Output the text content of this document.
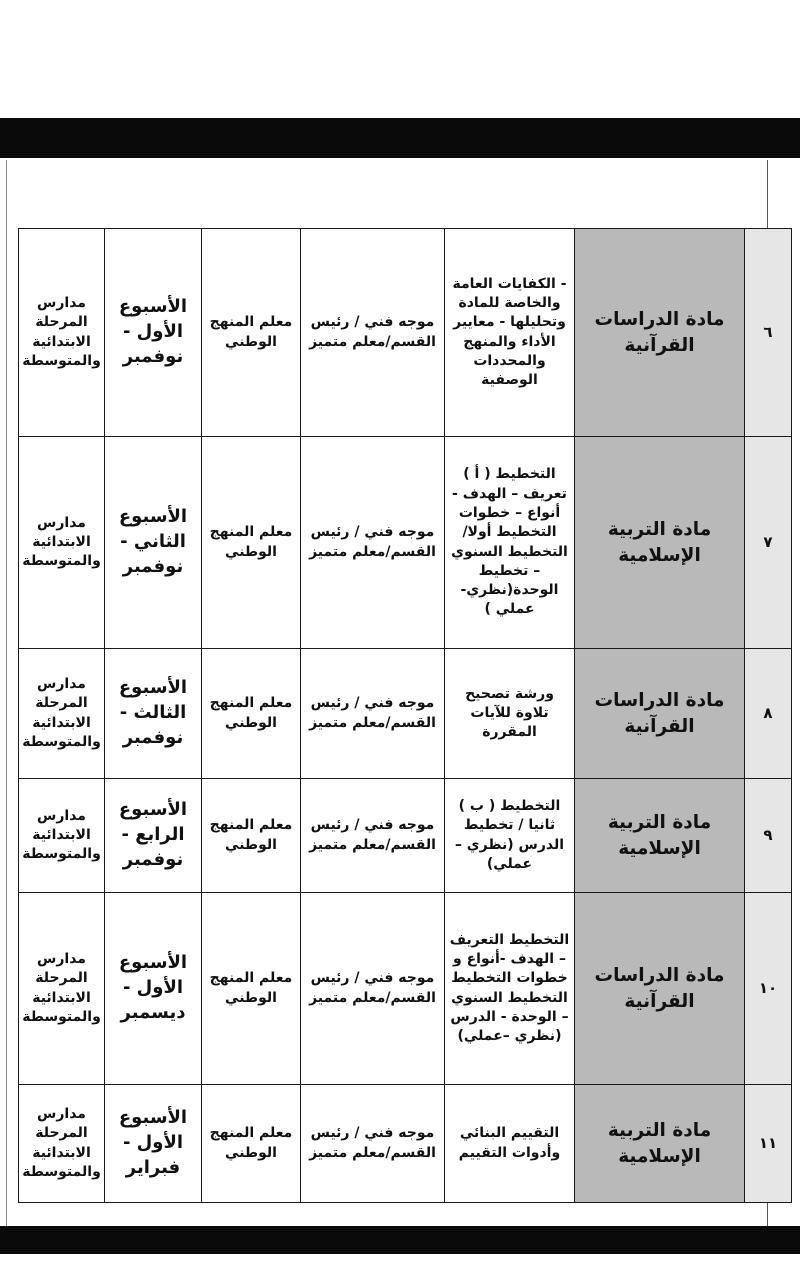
٦	مادة الدراسات القرآنية	- الكفايات العامة والخاصة للمادة وتحليلها - معايير الأداء والمنهج والمحددات الوصفية	موجه فني / رئيس القسم/معلم متميز	معلم المنهج الوطني	الأسبوع الأول - نوفمبر	مدارس المرحلة الابتدائية والمتوسطة
٧	مادة التربية الإسلامية	التخطيط ( أ ) تعريف – الهدف - أنواع – خطوات التخطيط أولا/ التخطيط السنوي – تخطيط الوحدة(نظري- عملي )	موجه فني / رئيس القسم/معلم متميز	معلم المنهج الوطني	الأسبوع الثاني - نوفمبر	مدارس الابتدائية والمتوسطة
٨	مادة الدراسات القرآنية	ورشة تصحيح تلاوة للآيات المقررة	موجه فني / رئيس القسم/معلم متميز	معلم المنهج الوطني	الأسبوع الثالث - نوفمبر	مدارس المرحلة الابتدائية والمتوسطة
٩	مادة التربية الإسلامية	التخطيط ( ب ) ثانيا / تخطيط الدرس (نظري – عملي)	موجه فني / رئيس القسم/معلم متميز	معلم المنهج الوطني	الأسبوع الرابع - نوفمبر	مدارس الابتدائية والمتوسطة
١٠	مادة الدراسات القرآنية	التخطيط التعريف – الهدف -أنواع و خطوات التخطيط التخطيط السنوي – الوحدة - الدرس (نظري –عملي)	موجه فني / رئيس القسم/معلم متميز	معلم المنهج الوطني	الأسبوع الأول - ديسمبر	مدارس المرحلة الابتدائية والمتوسطة
١١	مادة التربية الإسلامية	التقييم البنائي وأدوات التقييم	موجه فني / رئيس القسم/معلم متميز	معلم المنهج الوطني	الأسبوع الأول - فبراير	مدارس المرحلة الابتدائية والمتوسطة
